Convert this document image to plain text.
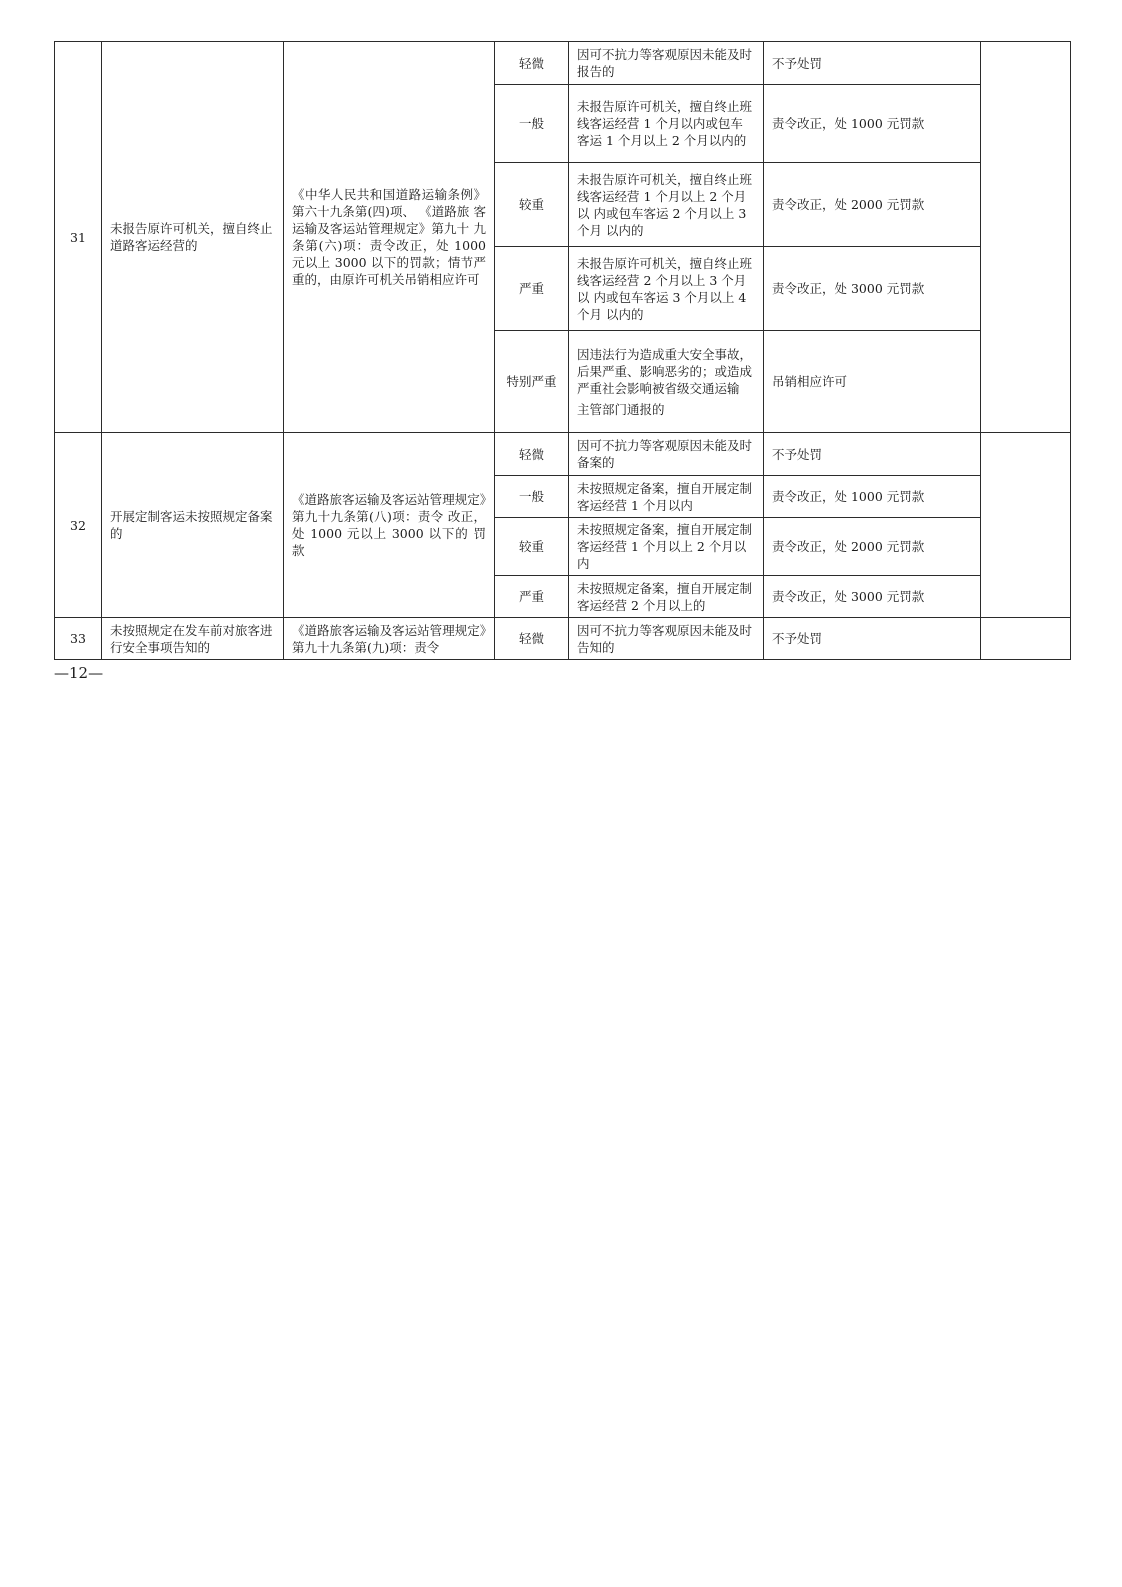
31	未报告原许可机关，擅自终止道路客运经营的	《中华人民共和国道路运输条例》 第六十九条第(四)项、 《道路旅 客运输及客运站管理规定》第九十 九条第(六)项：责令改正，处 1000 元以上 3000 以下的罚款；情节严 重的，由原许可机关吊销相应许可	轻微	因可不抗力等客观原因未能及时报告的	不予处罚	
			一般	未报告原许可机关，擅自终止班线客运经营 1 个月以内或包车客运 1 个月以上 2 个月以内的	责令改正，处 1000 元罚款	
			较重	未报告原许可机关，擅自终止班线客运经营 1 个月以上 2 个月以 内或包车客运 2 个月以上 3 个月 以内的	责令改正，处 2000 元罚款	
			严重	未报告原许可机关，擅自终止班线客运经营 2 个月以上 3 个月以 内或包车客运 3 个月以上 4 个月 以内的	责令改正，处 3000 元罚款	
			特别严重	因违法行为造成重大安全事故， 后果严重、影响恶劣的；或造成 严重社会影响被省级交通运输
主管部门通报的	吊销相应许可	
32	开展定制客运未按照规定备案的	《道路旅客运输及客运站管理规定》第九十九条第(八)项：责令 改正，处 1000 元以上 3000 以下的 罚款	轻微	因可不抗力等客观原因未能及时备案的	不予处罚	
			一般	未按照规定备案，擅自开展定制客运经营 1 个月以内	责令改正，处 1000 元罚款	
			较重	未按照规定备案，擅自开展定制客运经营 1 个月以上 2 个月以内	责令改正，处 2000 元罚款	
			严重	未按照规定备案，擅自开展定制客运经营 2 个月以上的	责令改正，处 3000 元罚款	
33	未按照规定在发车前对旅客进行安全事项告知的	《道路旅客运输及客运站管理规定》第九十九条第(九)项：责令	轻微	因可不抗力等客观原因未能及时告知的	不予处罚	
—12—
